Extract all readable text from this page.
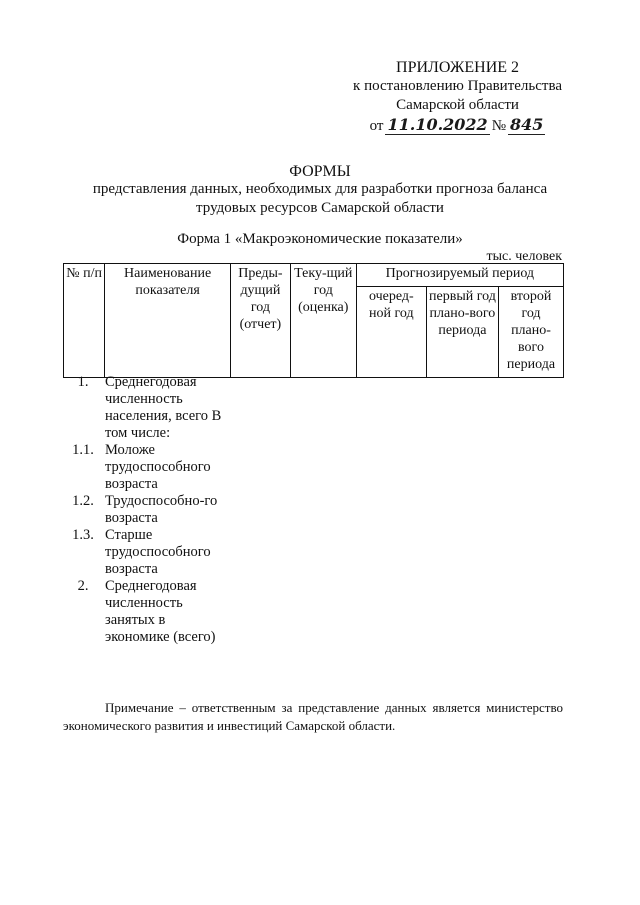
ПРИЛОЖЕНИЕ 2
к постановлению Правительства
Самарской области
от 11.10.2022 № 845
ФОРМЫ
представления данных, необходимых для разработки прогноза баланса трудовых ресурсов Самарской области
Форма 1 «Макроэкономические показатели»
тыс. человек
№ п/п	Наименование показателя	Преды-дущий год (отчет)	Теку-щий год (оценка)	Прогнозируемый период		
				очеред-ной год	первый год плано-вого периода	второй год плано-вого периода
1.	Среднегодовая численность населения, всего В том числе:
1.1. Моложе трудоспособного возраста
1.2. Трудоспособно-го возраста
1.3. Старше трудоспособного возраста
2.	Среднегодовая численность занятых в экономике (всего)
Примечание – ответственным за представление данных является министерство экономического развития и инвестиций Самарской области.
